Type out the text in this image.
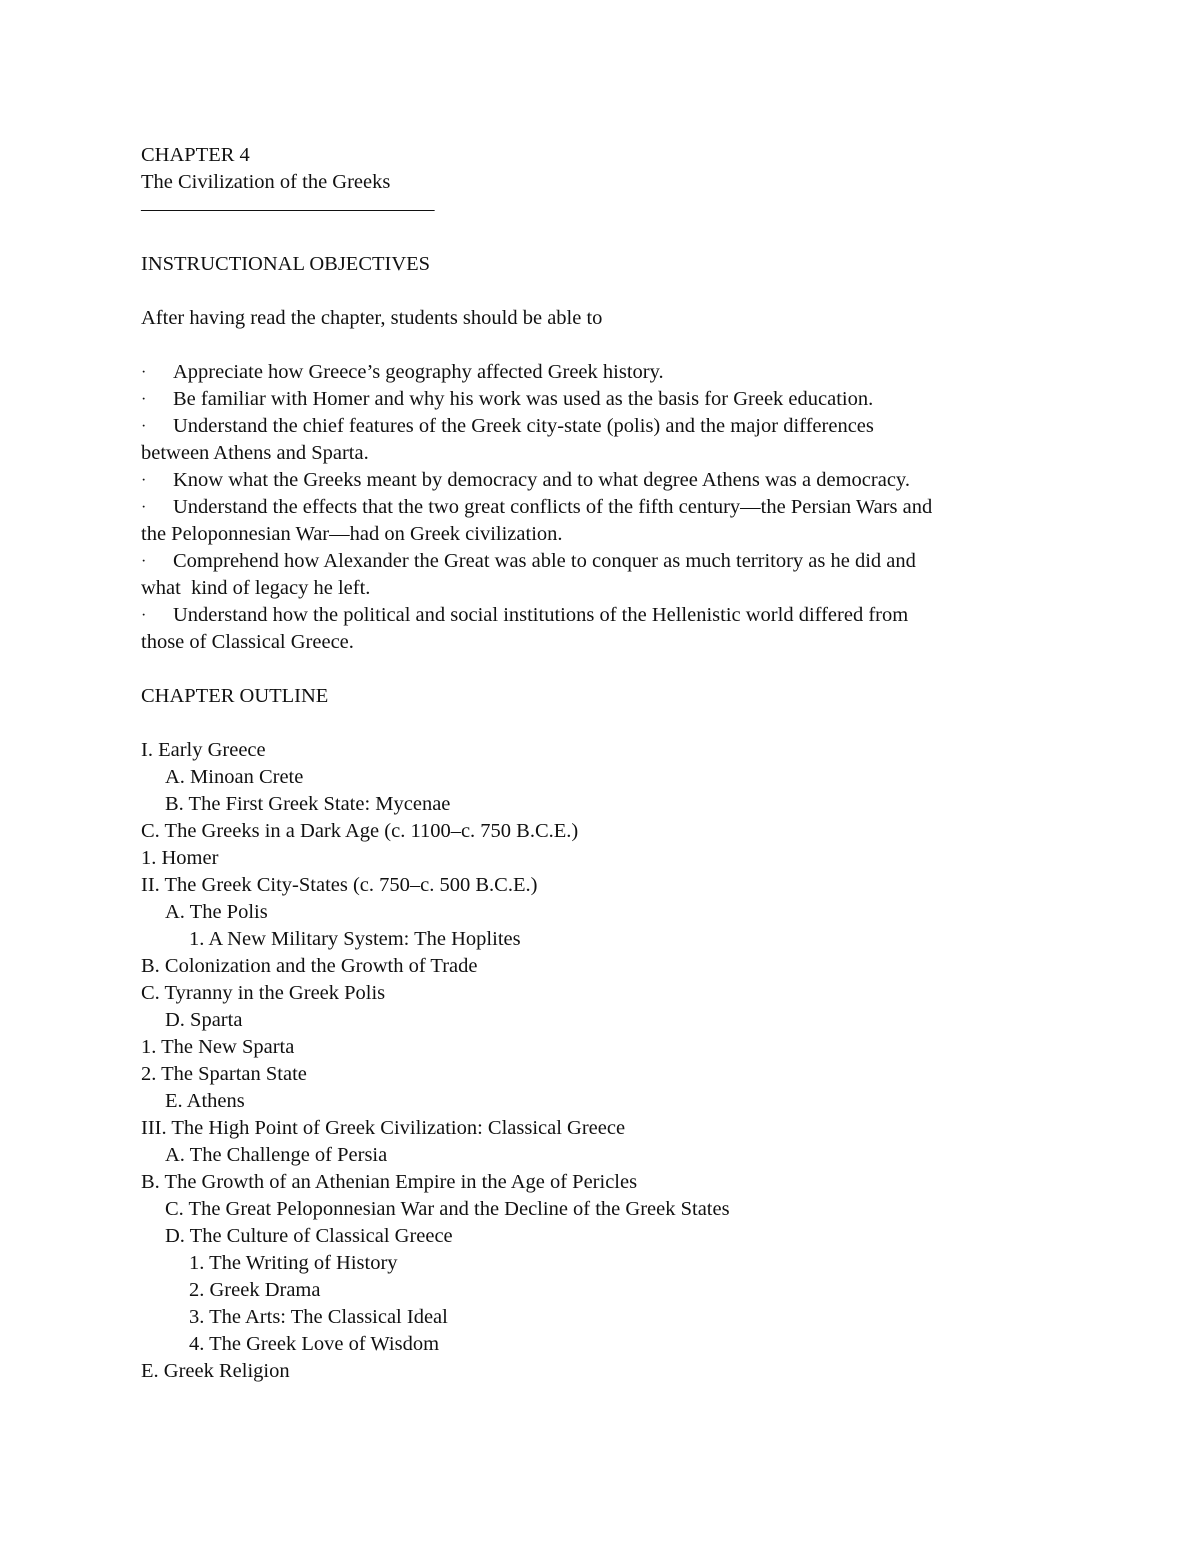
CHAPTER 4
The Civilization of the Greeks
———————————————
INSTRUCTIONAL OBJECTIVES
After having read the chapter, students should be able to
·	Appreciate how Greece’s geography affected Greek history.
·	Be familiar with Homer and why his work was used as the basis for Greek education.
·	Understand the chief features of the Greek city-state (polis) and the major differences
between Athens and Sparta.
·	Know what the Greeks meant by democracy and to what degree Athens was a democracy.
·	Understand the effects that the two great conflicts of the fifth century—the Persian Wars and
the Peloponnesian War—had on Greek civilization.
·	Comprehend how Alexander the Great was able to conquer as much territory as he did and
what  kind of legacy he left.
·	Understand how the political and social institutions of the Hellenistic world differed from
those of Classical Greece.
CHAPTER OUTLINE
I. Early Greece
A. Minoan Crete
B. The First Greek State: Mycenae
C. The Greeks in a Dark Age (c. 1100–c. 750 B.C.E.)
1. Homer
II. The Greek City-States (c. 750–c. 500 B.C.E.)
A. The Polis
1. A New Military System: The Hoplites
B. Colonization and the Growth of Trade
C. Tyranny in the Greek Polis
D. Sparta
1. The New Sparta
2. The Spartan State
E. Athens
III. The High Point of Greek Civilization: Classical Greece
A. The Challenge of Persia
B. The Growth of an Athenian Empire in the Age of Pericles
C. The Great Peloponnesian War and the Decline of the Greek States
D. The Culture of Classical Greece
1. The Writing of History
2. Greek Drama
3. The Arts: The Classical Ideal
4. The Greek Love of Wisdom
E. Greek Religion
